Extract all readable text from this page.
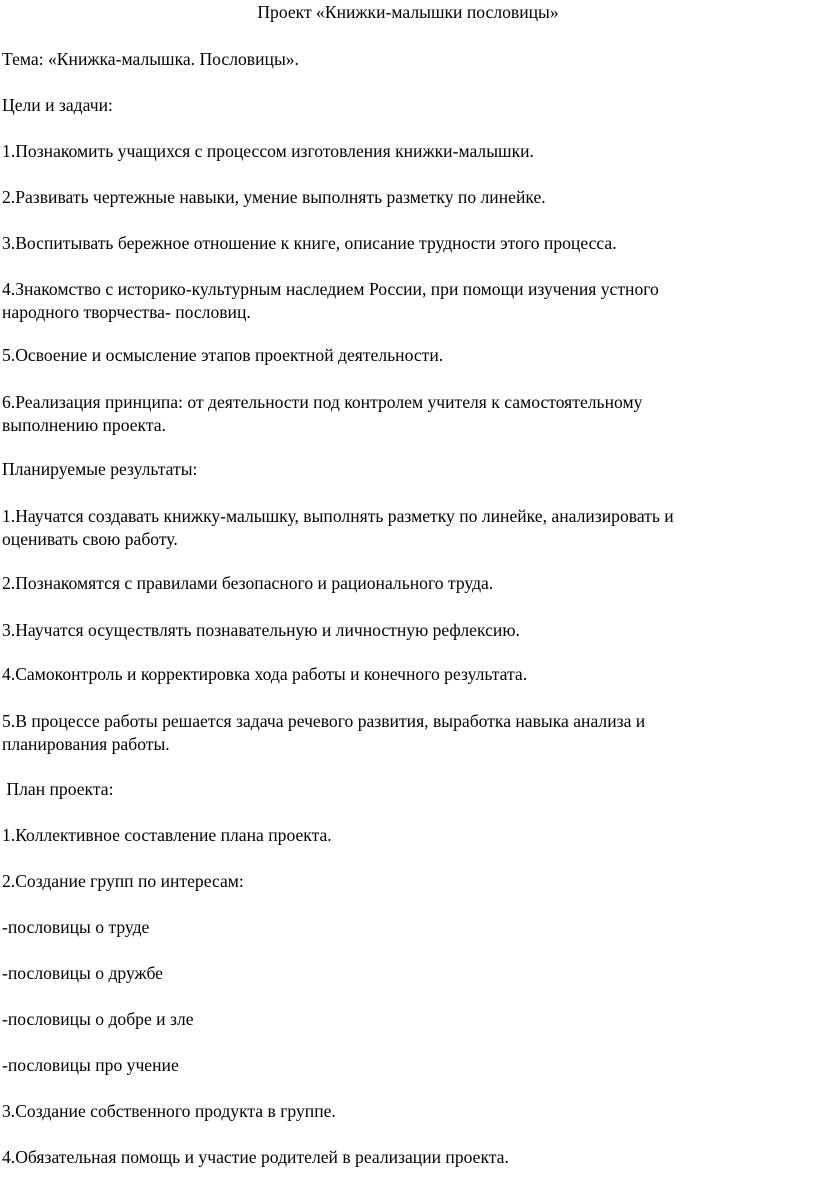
Проект «Книжки-малышки пословицы»

Тема: «Книжка-малышка. Пословицы».

Цели и задачи:

1.Познакомить учащихся с процессом изготовления книжки-малышки.

2.Развивать чертежные навыки, умение выполнять разметку по линейке.

3.Воспитывать бережное отношение к книге, описание трудности этого процесса.

4.Знакомство с историко-культурным наследием России, при помощи изучения устного

народного творчества- пословиц.

5.Освоение и осмысление этапов проектной деятельности.

6.Реализация принципа: от деятельности под контролем учителя к самостоятельному

выполнению проекта.

Планируемые результаты:

1.Научатся создавать книжку-малышку, выполнять разметку по линейке, анализировать и

оценивать свою работу.

2.Познакомятся с правилами безопасного и рационального труда.

3.Научатся осуществлять познавательную и личностную рефлексию.

4.Самоконтроль и корректировка хода работы и конечного результата.

5.В процессе работы решается задача речевого развития, выработка навыка анализа и

планирования работы.

План проекта:

1.Коллективное составление плана проекта.

2.Создание групп по интересам:

-пословицы о труде

-пословицы о дружбе

-пословицы о добре и зле

-пословицы про учение

3.Создание собственного продукта в группе.

4.Обязательная помощь и участие родителей в реализации проекта.
